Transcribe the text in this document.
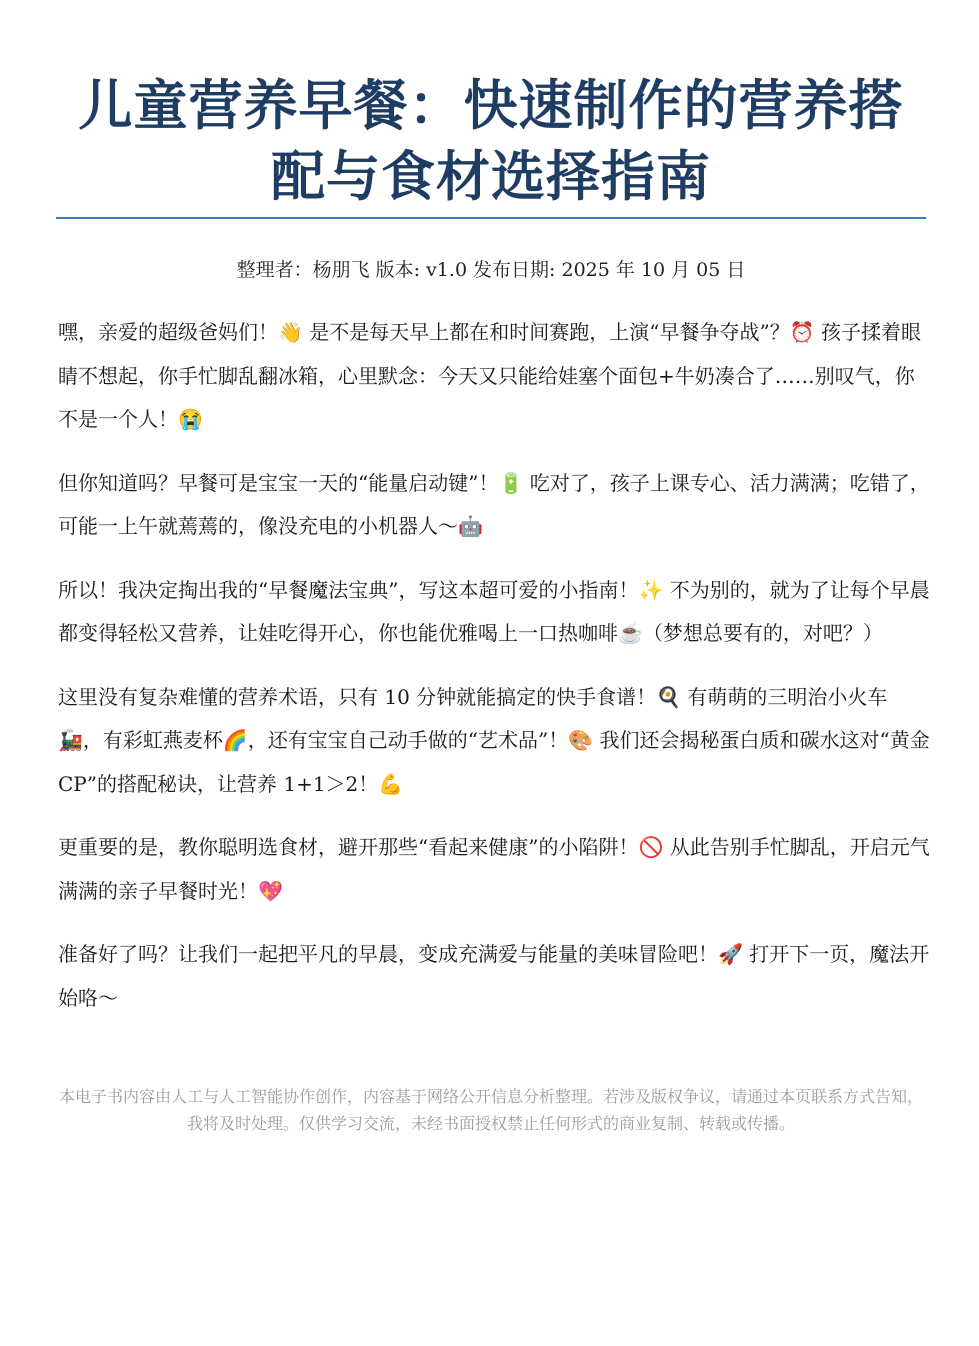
儿童营养早餐：快速制作的营养搭配与食材选择指南
整理者：杨朋飞 版本: v1.0 发布日期: 2025 年 10 月 05 日

嘿，亲爱的超级爸妈们！👋 是不是每天早上都在和时间赛跑，上演“早餐争夺战”？⏰ 孩子揉着眼睛不想起，你手忙脚乱翻冰箱，心里默念：今天又只能给娃塞个面包+牛奶凑合了……别叹气，你不是一个人！😭

但你知道吗？早餐可是宝宝一天的“能量启动键”！🔋 吃对了，孩子上课专心、活力满满；吃错了，可能一上午就蔫蔫的，像没充电的小机器人～🤖

所以！我决定掏出我的“早餐魔法宝典”，写这本超可爱的小指南！✨ 不为别的，就为了让每个早晨都变得轻松又营养，让娃吃得开心，你也能优雅喝上一口热咖啡☕（梦想总要有的，对吧？）

这里没有复杂难懂的营养术语，只有 10 分钟就能搞定的快手食谱！🍳 有萌萌的三明治小火车🚂，有彩虹燕麦杯🌈，还有宝宝自己动手做的“艺术品”！🎨 我们还会揭秘蛋白质和碳水这对“黄金 CP”的搭配秘诀，让营养 1+1＞2！💪

更重要的是，教你聪明选食材，避开那些“看起来健康”的小陷阱！🚫 从此告别手忙脚乱，开启元气满满的亲子早餐时光！💖

准备好了吗？让我们一起把平凡的早晨，变成充满爱与能量的美味冒险吧！🚀 打开下一页，魔法开始咯～

本电子书内容由人工与人工智能协作创作，内容基于网络公开信息分析整理。若涉及版权争议，请通过本页联系方式告知，我将及时处理。仅供学习交流，未经书面授权禁止任何形式的商业复制、转载或传播。
